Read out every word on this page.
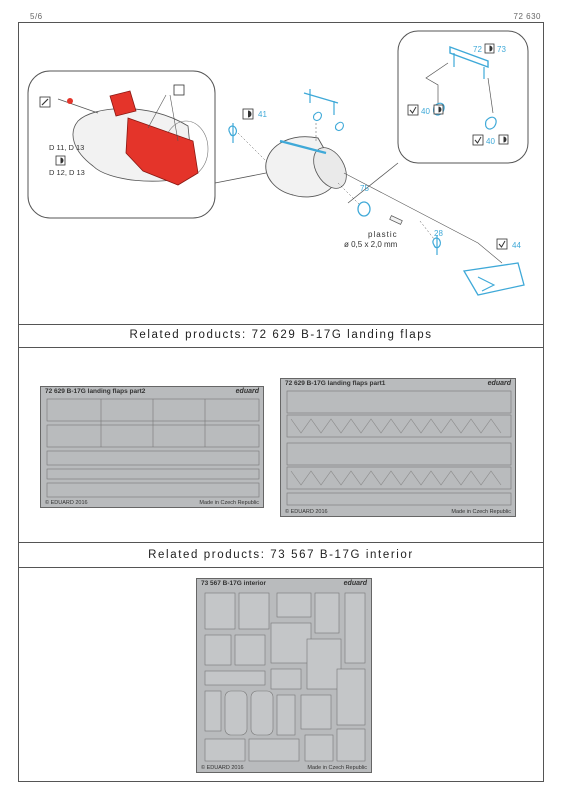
5/6	72 630
D 11, D 13
D 12, D 13
72 73
40
40
41
75
plastic
ø 0,5 x 2,0 mm
28
44
Related products: 72 629 B-17G landing flaps
72 629 B-17G landing flaps part2	eduard
© EDUARD 2016	Made in Czech Republic
72 629 B-17G landing flaps part1	eduard
© EDUARD 2016	Made in Czech Republic
Related products: 73 567 B-17G interior
73 567 B-17G interior	eduard
© EDUARD 2016	Made in Czech Republic
